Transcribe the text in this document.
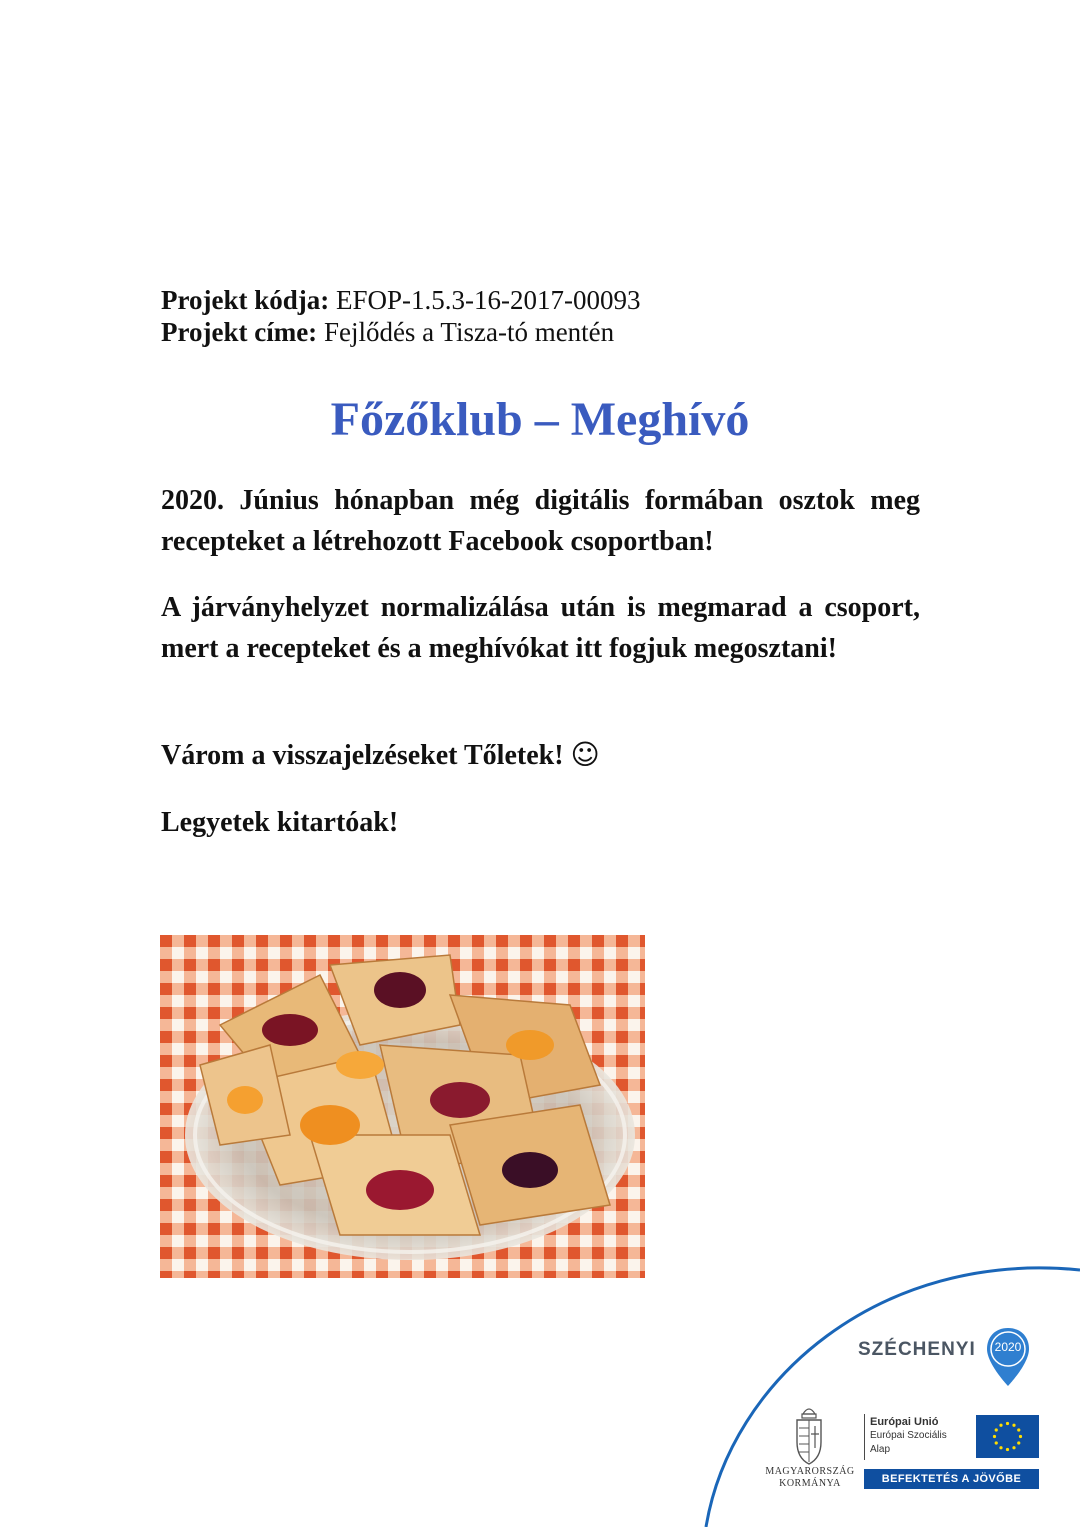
Projekt kódja: EFOP-1.5.3-16-2017-00093
Projekt címe: Fejlődés a Tisza-tó mentén
Főzőklub – Meghívó
2020. Június hónapban még digitális formában osztok meg recepteket a létrehozott Facebook csoportban!
A járványhelyzet normalizálása után is megmarad a csoport, mert a recepteket és a meghívókat itt fogjuk megosztani!
Várom a visszajelzéseket Tőletek! ☺
Legyetek kitartóak!
SZÉCHENYI	2020
MAGYARORSZÁG
KORMÁNYA
Európai Unió
Európai Szociális
Alap
BEFEKTETÉS A JÖVŐBE
